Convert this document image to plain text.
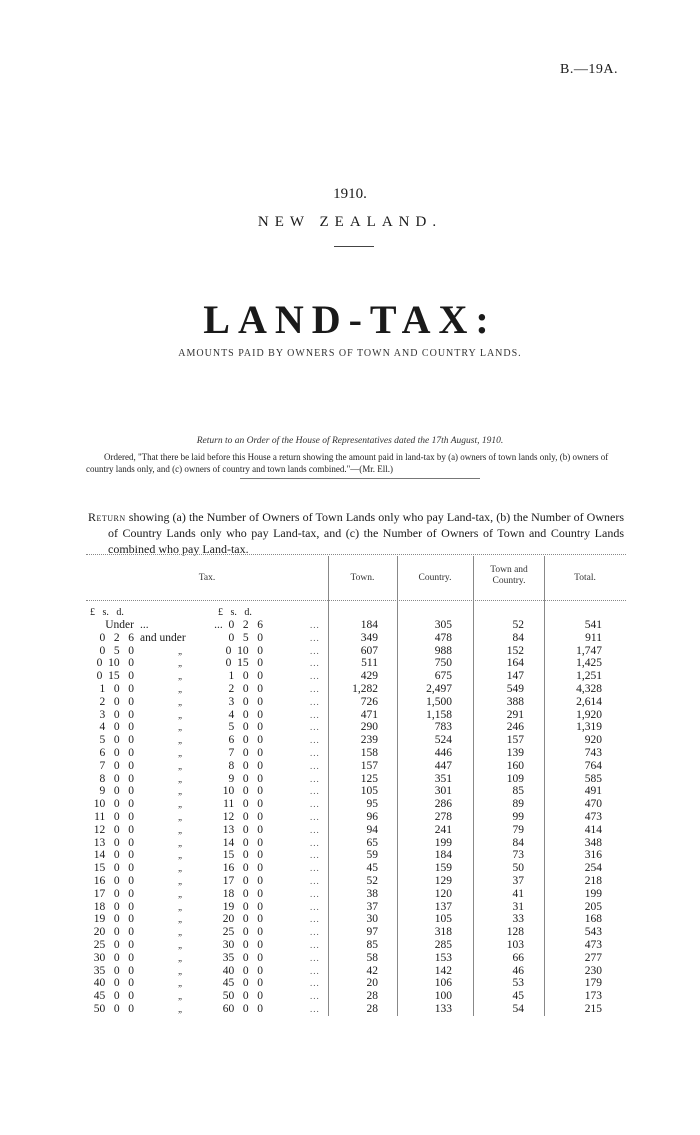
B.—19A.
1910.
NEW ZEALAND.
LAND-TAX:
AMOUNTS PAID BY OWNERS OF TOWN AND COUNTRY LANDS.
Return to an Order of the House of Representatives dated the 17th August, 1910.
Ordered, "That there be laid before this House a return showing the amount paid in land-tax by (a) owners of town lands only, (b) owners of country lands only, and (c) owners of country and town lands combined."—(Mr. Ell.)
Return showing (a) the Number of Owners of Town Lands only who pay Land-tax, (b) the Number of Owners of Country Lands only who pay Land-tax, and (c) the Number of Owners of Town and Country Lands combined who pay Land-tax.
Tax.	Town.	Country.
Town and Country.	Total.
£   s.   d.	£   s.   d.
Under ...	...  0   2   6	...	184	305	52	541
0   2   6 and under	0   5   0	...	349	478	84	911
0   5   0	„	0  10   0	...	607	988	152	1,747
0  10   0	„	0  15   0	...	511	750	164	1,425
0  15   0	„	1   0   0	...	429	675	147	1,251
1   0   0	„	2   0   0	...	1,282	2,497	549	4,328
2   0   0	„	3   0   0	...	726	1,500	388	2,614
3   0   0	„	4   0   0	...	471	1,158	291	1,920
4   0   0	„	5   0   0	...	290	783	246	1,319
5   0   0	„	6   0   0	...	239	524	157	920
6   0   0	„	7   0   0	...	158	446	139	743
7   0   0	„	8   0   0	...	157	447	160	764
8   0   0	„	9   0   0	...	125	351	109	585
9   0   0	„	10   0   0	...	105	301	85	491
10   0   0	„	11   0   0	...	95	286	89	470
11   0   0	„	12   0   0	...	96	278	99	473
12   0   0	„	13   0   0	...	94	241	79	414
13   0   0	„	14   0   0	...	65	199	84	348
14   0   0	„	15   0   0	...	59	184	73	316
15   0   0	„	16   0   0	...	45	159	50	254
16   0   0	„	17   0   0	...	52	129	37	218
17   0   0	„	18   0   0	...	38	120	41	199
18   0   0	„	19   0   0	...	37	137	31	205
19   0   0	„	20   0   0	...	30	105	33	168
20   0   0	„	25   0   0	...	97	318	128	543
25   0   0	„	30   0   0	...	85	285	103	473
30   0   0	„	35   0   0	...	58	153	66	277
35   0   0	„	40   0   0	...	42	142	46	230
40   0   0	„	45   0   0	...	20	106	53	179
45   0   0	„	50   0   0	...	28	100	45	173
50   0   0	„	60   0   0	...	28	133	54	215
